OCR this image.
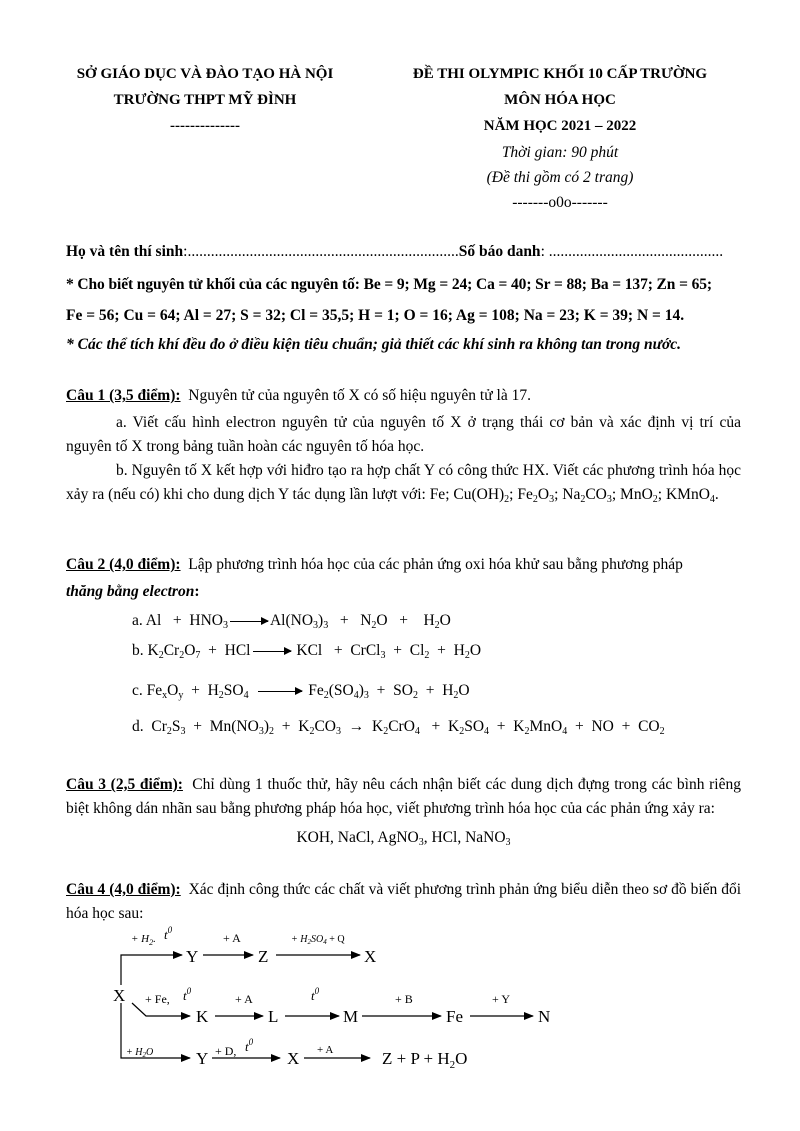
SỞ GIÁO DỤC VÀ ĐÀO TẠO HÀ NỘI
TRƯỜNG THPT MỸ ĐÌNH
--------------
ĐỀ THI OLYMPIC KHỐI 10 CẤP TRƯỜNG
MÔN HÓA HỌC
NĂM HỌC 2021 – 2022
Thời gian: 90 phút
(Đề thi gồm có 2 trang)
-------o0o-------
Họ và tên thí sinh:......................................................................Số báo danh: .............................................
* Cho biết nguyên tử khối của các nguyên tố: Be = 9; Mg = 24; Ca = 40; Sr = 88; Ba = 137; Zn = 65;
Fe = 56; Cu = 64; Al = 27; S = 32; Cl = 35,5; H = 1; O = 16; Ag = 108; Na = 23; K = 39; N = 14.
* Các thể tích khí đều đo ở điều kiện tiêu chuẩn; giả thiết các khí sinh ra không tan trong nước.
Câu 1 (3,5 điểm): Nguyên tử của nguyên tố X có số hiệu nguyên tử là 17.
a. Viết cấu hình electron nguyên tử của nguyên tố X ở trạng thái cơ bản và xác định vị trí của nguyên tố X trong bảng tuần hoàn các nguyên tố hóa học.
b. Nguyên tố X kết hợp với hiđro tạo ra hợp chất Y có công thức HX. Viết các phương trình hóa học xảy ra (nếu có) khi cho dung dịch Y tác dụng lần lượt với: Fe; $Cu(OH)_2$; $Fe_2O_3$; $Na_2CO_3$; MnO$_2$; KMnO$_4$.
Câu 2 (4,0 điểm): Lập phương trình hóa học của các phản ứng oxi hóa khử sau bằng phương pháp
thăng bằng electron:
a. $Al + HNO_3$	$Al(NO_3)_3 + N_2O$   +    $H_2O$
b. $K_2Cr_2O_7$  +  HCl	KCl   +  CrCl$_3$  +  $Cl_2 + H_2O$
c. $Fe_xO_y + H_2SO_4$	$Fe_2(SO_4)_3 + SO_2 + H_2O$
d.  $Cr_2S_3 + Mn(NO_3)_2 + K_2CO_3 \to K_2CrO_4 + K_2SO_4 + K_2MnO_4$  +  NO  +  $CO_2$
Câu 3 (2,5 điểm): Chỉ dùng 1 thuốc thử, hãy nêu cách nhận biết các dung dịch đựng trong các bình riêng biệt không dán nhãn sau bằng phương pháp hóa học, viết phương trình hóa học của các phản ứng xảy ra:
KOH, NaCl, AgNO$_3$, HCl, NaNO$_3$
Câu 4 (4,0 điểm): Xác định công thức các chất và viết phương trình phản ứng biểu diễn theo sơ đồ biến đổi hóa học sau:
X
Y	Z	X
K	L	M	Fe	N
Y	X	$Z + P + H_2O$
+ $H_2$. $t^0$
+ A	+ $H_2SO_4 + Q$
+ Fe, $t^0$
+ A	$t^0$
+ B	+ Y
+ $H_2O$	+ D, $t^0$
+ A
